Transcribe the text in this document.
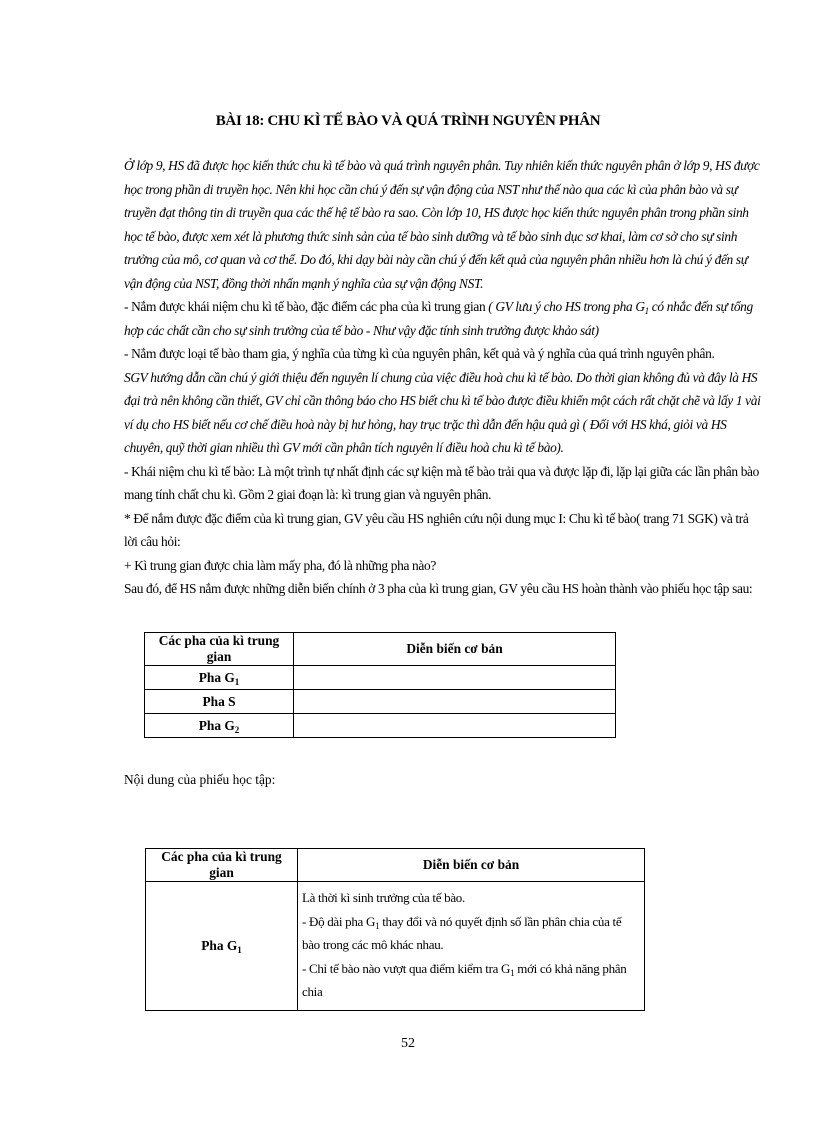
BÀI 18: CHU KÌ TẾ BÀO VÀ QUÁ TRÌNH NGUYÊN PHÂN

Ở lớp 9, HS đã được học kiến thức chu kì tế bào và quá trình nguyên phân. Tuy nhiên kiến thức nguyên phân ở lớp 9, HS được học trong phần di truyền học. Nên khi học cần chú ý đến sự vận động của NST như thế nào qua các kì của phân bào và sự truyền đạt thông tin di truyền qua các thế hệ tế bào ra sao. Còn lớp 10, HS được học kiến thức nguyên phân trong phần sinh học tế bào, được xem xét là phương thức sinh sản của tế bào sinh dưỡng và tế bào sinh dục sơ khai, làm cơ sở cho sự sinh trưởng của mô, cơ quan và cơ thể. Do đó, khi dạy bài này cần chú ý đến kết quả của nguyên phân nhiều hơn là chú ý đến sự vận động của NST, đồng thời nhấn mạnh ý nghĩa của sự vận động NST.

- Nắm được khái niệm chu kì tế bào, đặc điểm các pha của kì trung gian ( GV lưu ý cho HS trong pha $G_1$ có nhắc đến sự tổng hợp các chất cần cho sự sinh trưởng của tế bào - Như vậy đặc tính sinh trưởng được khảo sát)

- Nắm được loại tế bào tham gia, ý nghĩa của từng kì của nguyên phân, kết quả và ý nghĩa của quá trình nguyên phân.

SGV hướng dẫn cần chú ý giới thiệu đến nguyên lí chung của việc điều hoà chu kì tế bào. Do thời gian không đủ và đây là HS đại trà nên không cần thiết, GV chỉ cần thông báo cho HS biết chu kì tế bào được điều khiển một cách rất chặt chẽ và lấy 1 vài ví dụ cho HS biết nếu cơ chế điều hoà này bị hư hỏng, hay trục trặc thì dẫn đến hậu quả gì ( Đối với HS khá, giỏi và HS chuyên, quỹ thời gian nhiều thì GV mới cần phân tích nguyên lí điều hoà chu kì tế bào).

- Khái niệm chu kì tế bào: Là một trình tự nhất định các sự kiện mà tế bào trải qua và được lặp đi, lặp lại giữa các lần phân bào mang tính chất chu kì. Gồm 2 giai đoạn là: kì trung gian và nguyên phân.

* Để nắm được đặc điểm của kì trung gian, GV yêu cầu HS nghiên cứu nội dung mục I: Chu kì tế bào( trang 71 SGK) và trả lời câu hỏi:

+ Kì trung gian được chia làm mấy pha, đó là những pha nào?

Sau đó, để HS nắm được những diễn biến chính ở 3 pha của kì trung gian, GV yêu cầu HS hoàn thành vào phiếu học tập sau:

Các pha của kì trung gian	Diễn biến cơ bản
Pha $G_1$	
Pha S	
Pha $G_2$	
Nội dung của phiếu học tập:
Các pha của kì trung gian	Diễn biến cơ bản
Pha $G_1$	Là thời kì sinh trưởng của tế bào.
- Độ dài pha $G_1$ thay đổi và nó quyết định số lần phân chia của tế bào trong các mô khác nhau.
- Chỉ tế bào nào vượt qua điểm kiểm tra $G_1$ mới có khả năng phân chia
52
